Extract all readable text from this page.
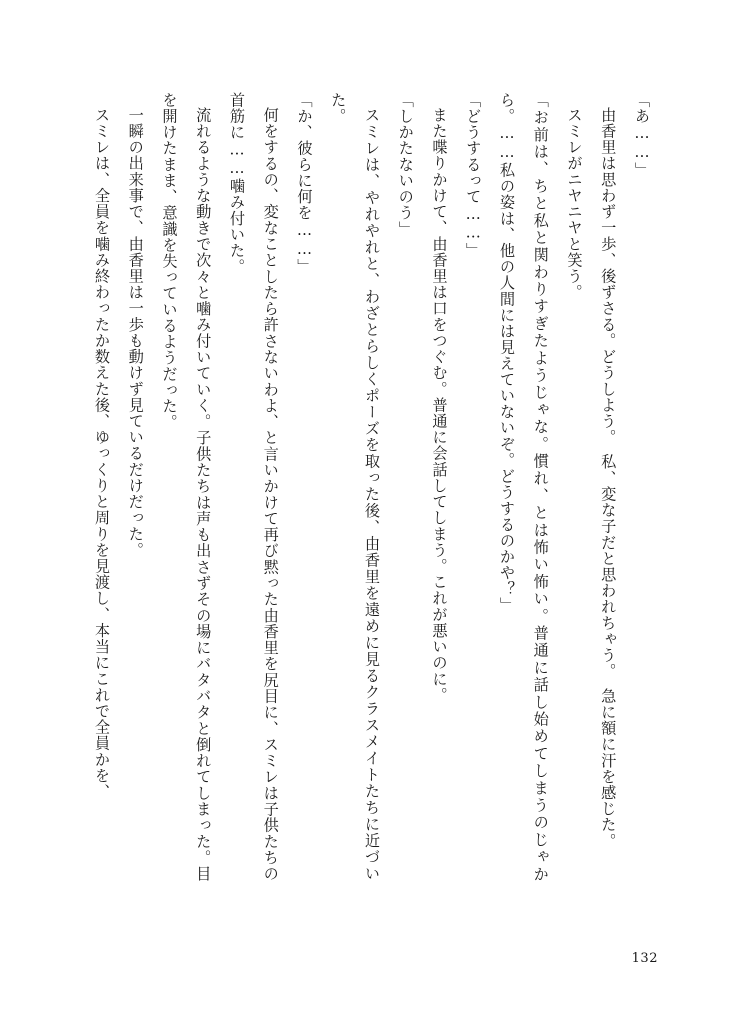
「あ……」

由香里は思わず一歩、後ずさる。どうしよう。　私、変な子だと思われちゃう。　急に額に汗を感じた。

スミレがニヤニヤと笑う。

「お前は、ちと私と関わりすぎたようじゃな。慣れ、とは怖い怖い。普通に話し始めてしまうのじゃから。……私の姿は、他の人間には見えていないぞ。どうするのかや？」

「どうするって……」

また喋りかけて、由香里は口をつぐむ。普通に会話してしまう。これが悪いのに。

「しかたないのう」

スミレは、やれやれと、わざとらしくポーズを取った後、由香里を遠めに見るクラスメイトたちに近づいた。

「か、彼らに何を……」

何をするの、変なことしたら許さないわよ、と言いかけて再び黙った由香里を尻目に、スミレは子供たちの首筋に……噛み付いた。

流れるような動きで次々と噛み付いていく。子供たちは声も出さずその場にバタバタと倒れてしまった。目を開けたまま、意識を失っているようだった。

一瞬の出来事で、由香里は一歩も動けず見ているだけだった。

スミレは、全員を噛み終わったか数えた後、ゆっくりと周りを見渡し、本当にこれで全員かを、

132
